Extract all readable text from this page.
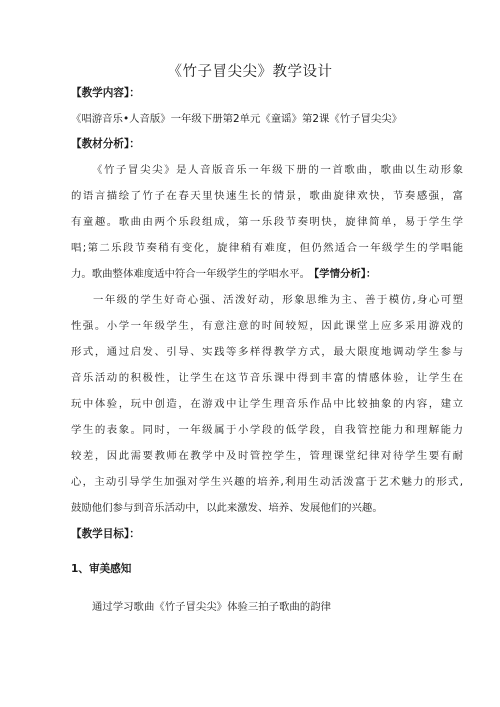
《竹子冒尖尖》教学设计
【教学内容】：
《唱游音乐•人音版》一年级下册第2单元《童谣》第2课《竹子冒尖尖》
【教材分析】：
《竹子冒尖尖》是人音版音乐一年级下册的一首歌曲，歌曲以生动形象
的语言描绘了竹子在春天里快速生长的情景，歌曲旋律欢快，节奏感强，富
有童趣。歌曲由两个乐段组成，第一乐段节奏明快，旋律简单，易于学生学
唱;第二乐段节奏稍有变化，旋律稍有难度，但仍然适合一年级学生的学唱能
力。歌曲整体难度适中符合一年级学生的学唱水平。 【学情分析】：
一年级的学生好奇心强、活泼好动，形象思维为主、善于模仿,身心可塑
性强。小学一年级学生，有意注意的时间较短，因此课堂上应多采用游戏的
形式，通过启发、引导、实践等多样得教学方式，最大限度地调动学生参与
音乐活动的积极性，让学生在这节音乐课中得到丰富的情感体验，让学生在
玩中体验，玩中创造，在游戏中让学生理音乐作品中比较抽象的内容，建立
学生的表象。同时，一年级属于小学段的低学段，自我管控能力和理解能力
较差，因此需要教师在教学中及时管控学生，管理课堂纪律对待学生要有耐
心，主动引导学生加强对学生兴趣的培养,利用生动活泼富于艺术魅力的形式,
鼓励他们参与到音乐活动中，以此来激发、培养、发展他们的兴趣。
【教学目标】：
1、审美感知
通过学习歌曲《竹子冒尖尖》体验三拍子歌曲的韵律
